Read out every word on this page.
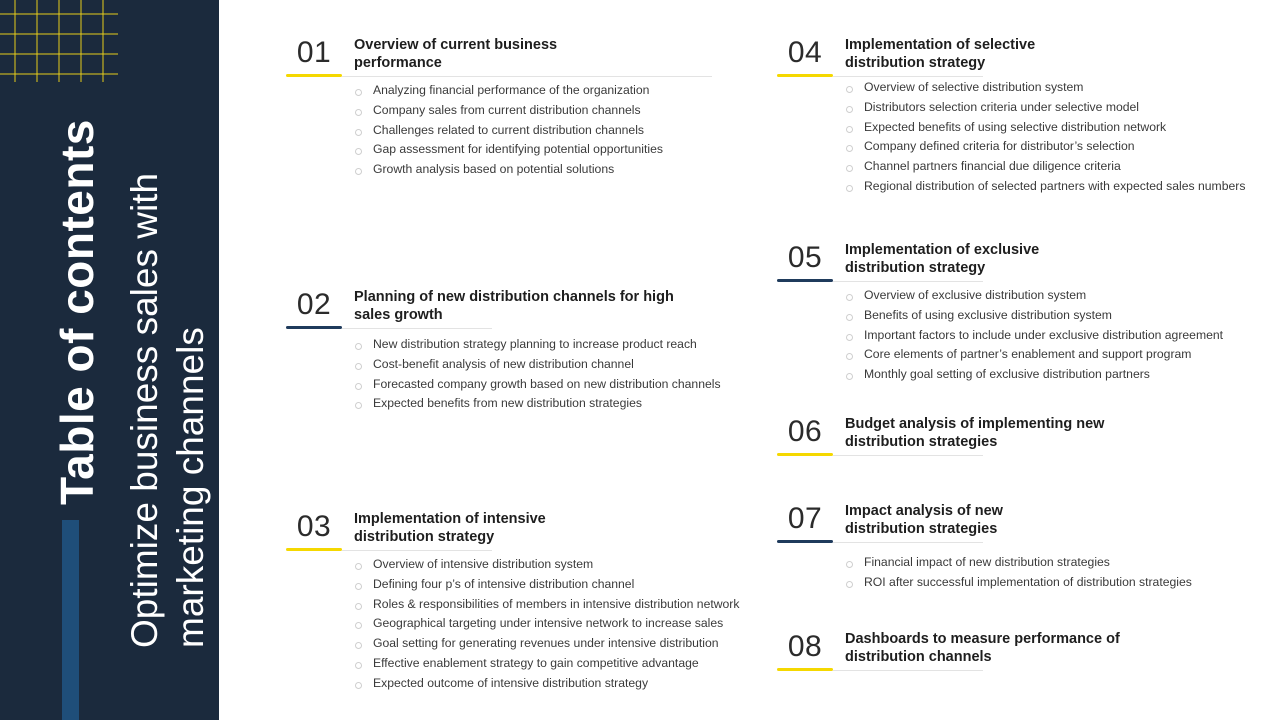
Table of contents Optimize business sales with marketing channels
01	Overview of current business performance
Analyzing financial performance of the organization
Company sales from current distribution channels
Challenges related to current distribution channels
Gap assessment for identifying potential opportunities
Growth analysis based on potential solutions
02	Planning of new distribution channels for high sales growth
New distribution strategy planning to increase product reach
Cost-benefit analysis of new distribution channel
Forecasted company growth based on new distribution channels
Expected benefits from new distribution strategies
03	Implementation of intensive distribution strategy
Overview of intensive distribution system
Defining four p’s of intensive distribution channel
Roles & responsibilities of members in intensive distribution network
Geographical targeting under intensive network to increase sales
Goal setting for generating revenues under intensive distribution
Effective enablement strategy to gain competitive advantage
Expected outcome of intensive distribution strategy
04	Implementation of selective distribution strategy
Overview of selective distribution system
Distributors selection criteria under selective model
Expected benefits of using selective distribution network
Company defined criteria for distributor’s selection
Channel partners financial due diligence criteria
Regional distribution of selected partners with expected sales numbers
05	Implementation of exclusive distribution strategy
Overview of exclusive distribution system
Benefits of using exclusive distribution system
Important factors to include under exclusive distribution agreement
Core elements of partner’s enablement and support program
Monthly goal setting of exclusive distribution partners
06	Budget analysis of implementing new distribution strategies
07	Impact analysis of new distribution strategies
Financial impact of new distribution strategies
ROI after successful implementation of distribution strategies
08	Dashboards to measure performance of distribution channels
